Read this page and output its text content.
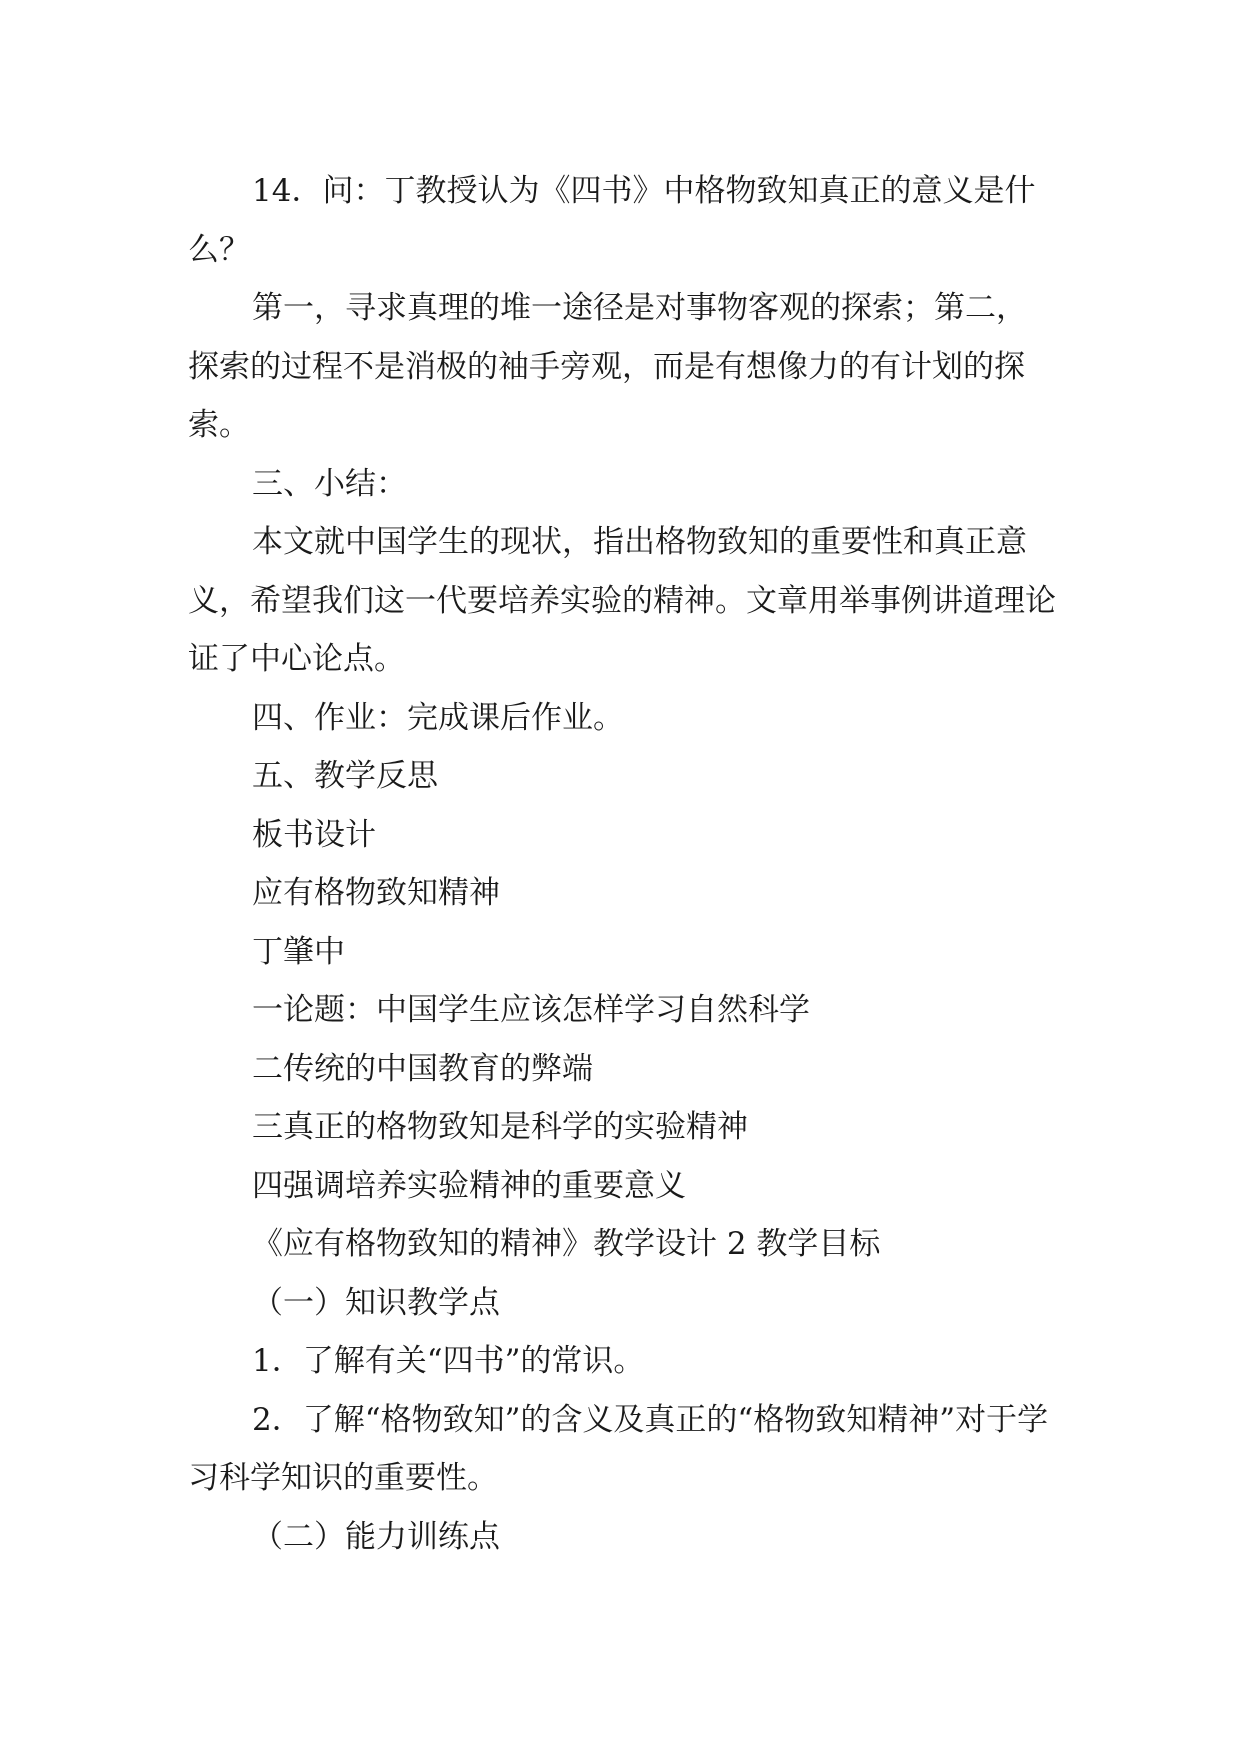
14．问：丁教授认为《四书》中格物致知真正的意义是什么？

第一，寻求真理的堆一途径是对事物客观的探索；第二，探索的过程不是消极的袖手旁观，而是有想像力的有计划的探索。

三、小结：

本文就中国学生的现状，指出格物致知的重要性和真正意义，希望我们这一代要培养实验的精神。文章用举事例讲道理论证了中心论点。

四、作业：完成课后作业。

五、教学反思

板书设计

应有格物致知精神

丁肇中

一论题：中国学生应该怎样学习自然科学

二传统的中国教育的弊端

三真正的格物致知是科学的实验精神

四强调培养实验精神的重要意义

《应有格物致知的精神》教学设计 2 教学目标

（一）知识教学点

1．了解有关“四书”的常识。

2．了解“格物致知”的含义及真正的“格物致知精神”对于学习科学知识的重要性。

（二）能力训练点
